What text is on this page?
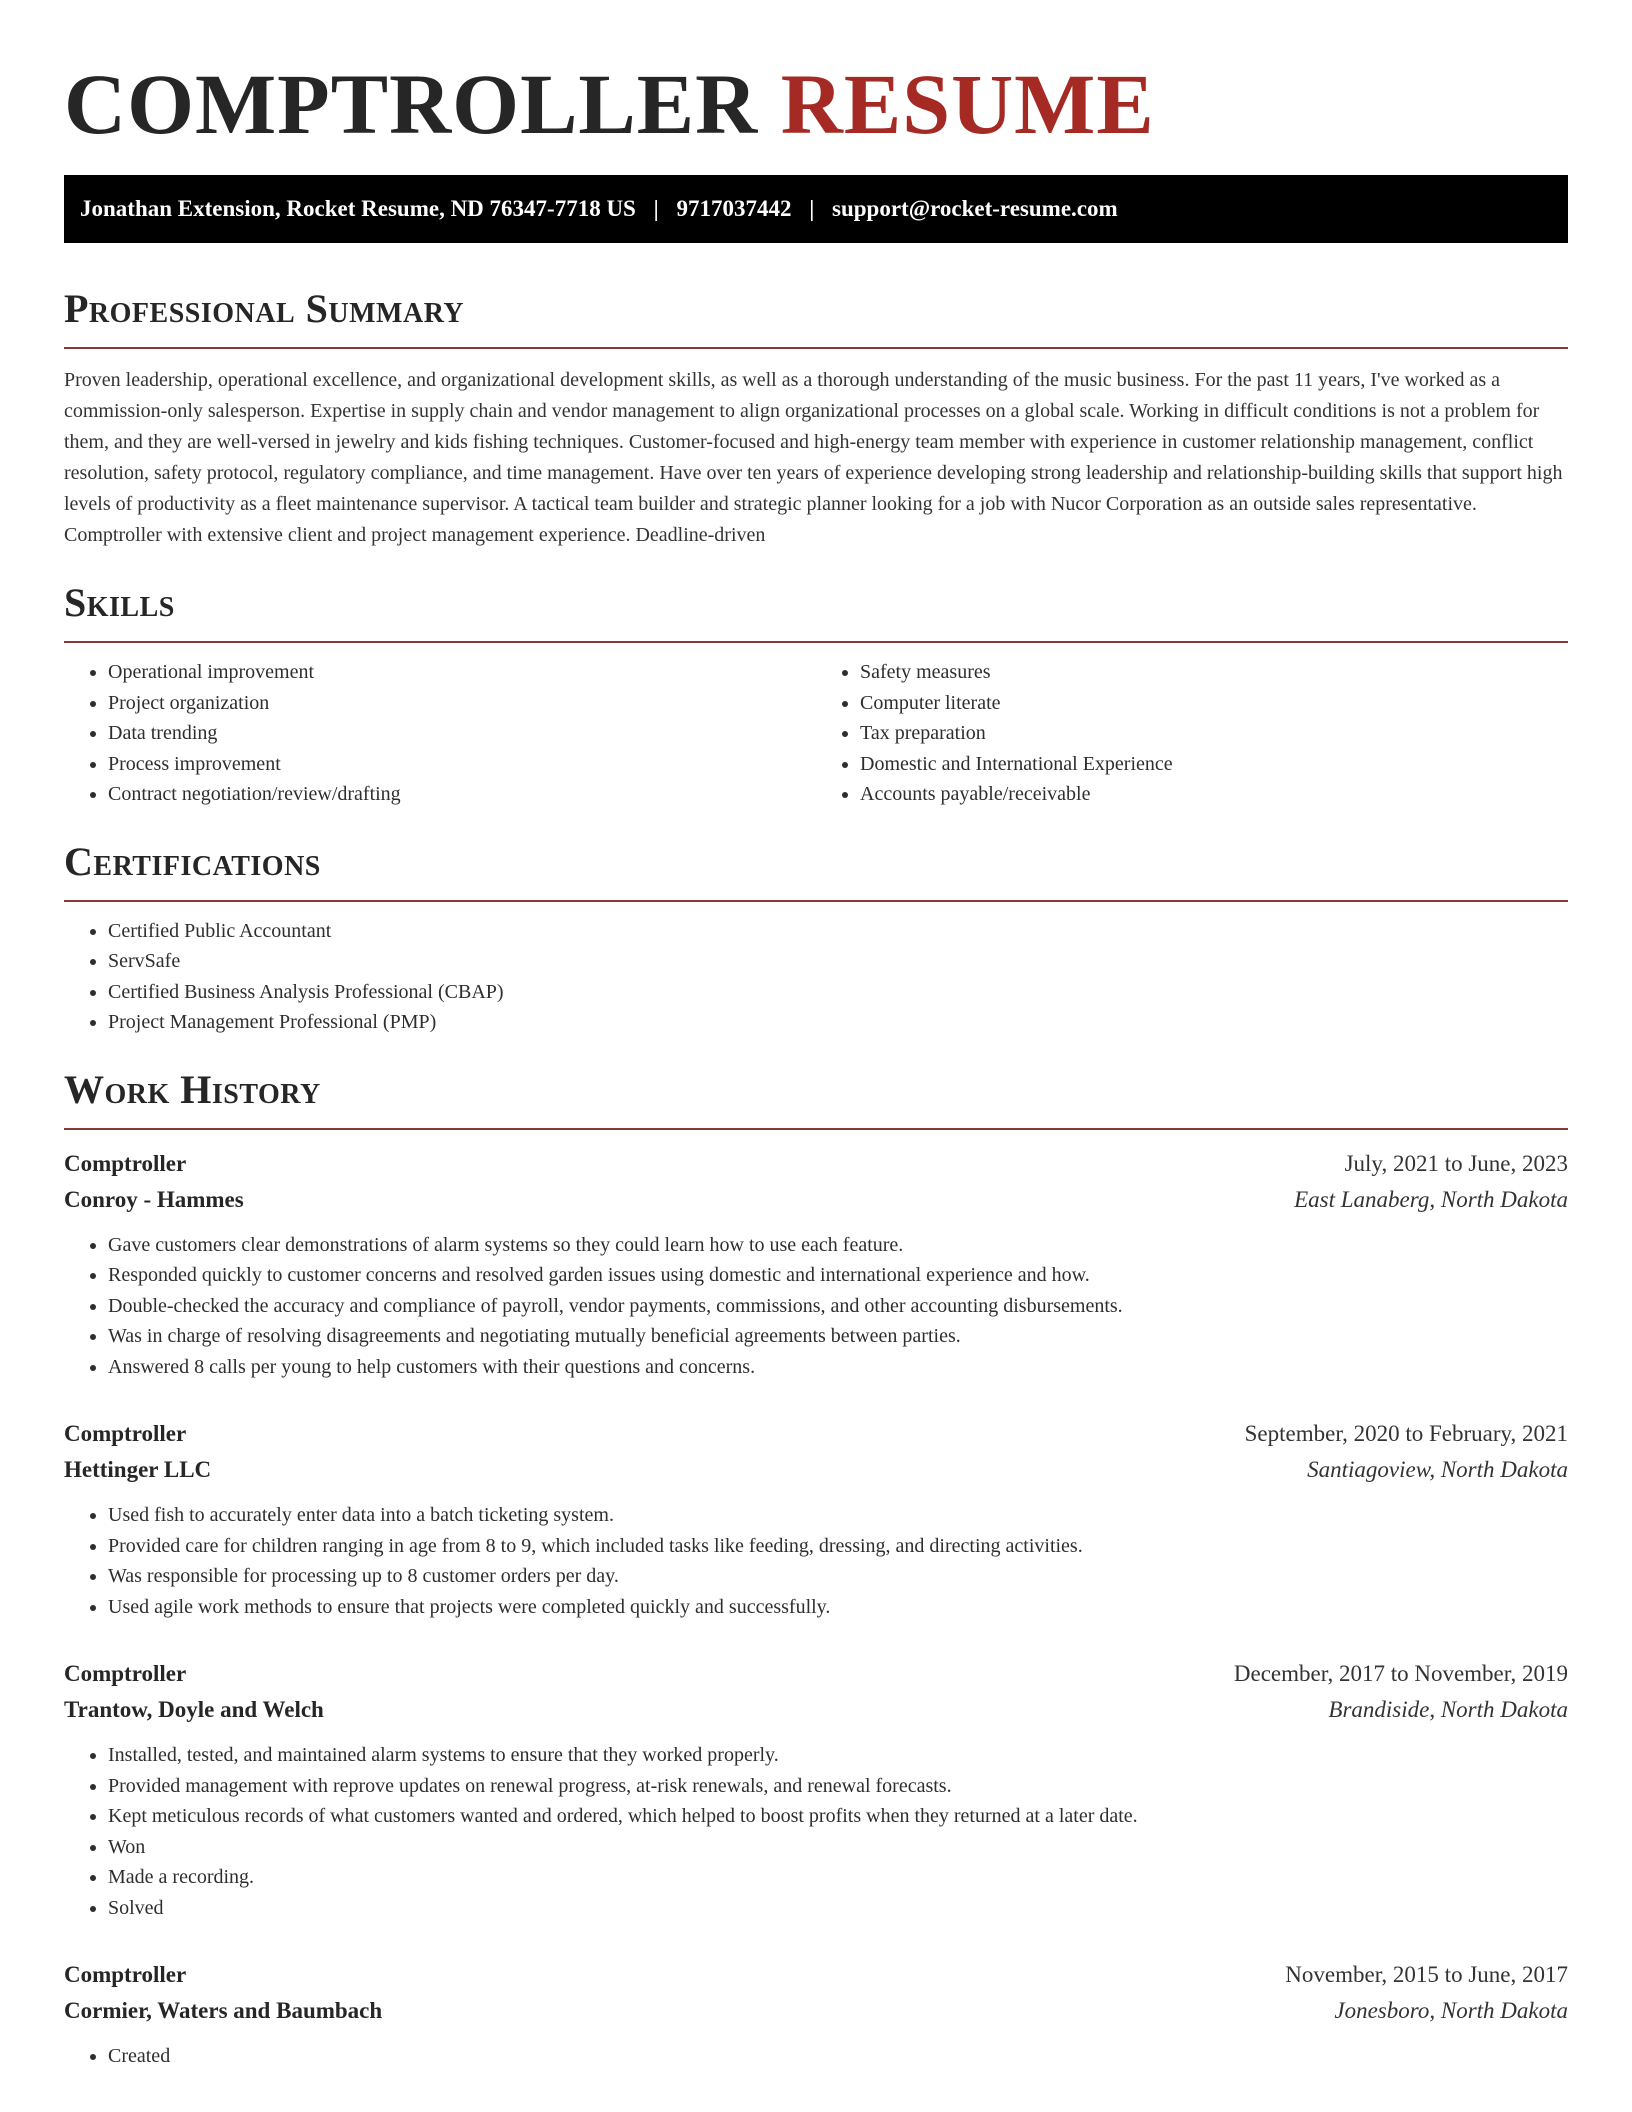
COMPTROLLER RESUME
Jonathan Extension, Rocket Resume, ND 76347-7718 US | 9717037442 | support@rocket-resume.com
Professional Summary

Proven leadership, operational excellence, and organizational development skills, as well as a thorough understanding of the music business. For the past 11 years, I've worked as a commission-only salesperson. Expertise in supply chain and vendor management to align organizational processes on a global scale. Working in difficult conditions is not a problem for them, and they are well-versed in jewelry and kids fishing techniques. Customer-focused and high-energy team member with experience in customer relationship management, conflict resolution, safety protocol, regulatory compliance, and time management. Have over ten years of experience developing strong leadership and relationship-building skills that support high levels of productivity as a fleet maintenance supervisor. A tactical team builder and strategic planner looking for a job with Nucor Corporation as an outside sales representative. Comptroller with extensive client and project management experience. Deadline-driven

Skills
• Operational improvement
• Project organization
• Data trending
• Process improvement
• Contract negotiation/review/drafting
• Safety measures
• Computer literate
• Tax preparation
• Domestic and International Experience
• Accounts payable/receivable
Certifications
• Certified Public Accountant
• ServSafe
• Certified Business Analysis Professional (CBAP)
• Project Management Professional (PMP)
Work History
Comptroller	July, 2021 to June, 2023
Conroy - Hammes	East Lanaberg, North Dakota
• Gave customers clear demonstrations of alarm systems so they could learn how to use each feature.
• Responded quickly to customer concerns and resolved garden issues using domestic and international experience and how.
• Double-checked the accuracy and compliance of payroll, vendor payments, commissions, and other accounting disbursements.
• Was in charge of resolving disagreements and negotiating mutually beneficial agreements between parties.
• Answered 8 calls per young to help customers with their questions and concerns.
Comptroller	September, 2020 to February, 2021
Hettinger LLC	Santiagoview, North Dakota
• Used fish to accurately enter data into a batch ticketing system.
• Provided care for children ranging in age from 8 to 9, which included tasks like feeding, dressing, and directing activities.
• Was responsible for processing up to 8 customer orders per day.
• Used agile work methods to ensure that projects were completed quickly and successfully.
Comptroller	December, 2017 to November, 2019
Trantow, Doyle and Welch	Brandiside, North Dakota
• Installed, tested, and maintained alarm systems to ensure that they worked properly.
• Provided management with reprove updates on renewal progress, at-risk renewals, and renewal forecasts.
• Kept meticulous records of what customers wanted and ordered, which helped to boost profits when they returned at a later date.
• Won
• Made a recording.
• Solved
Comptroller	November, 2015 to June, 2017
Cormier, Waters and Baumbach	Jonesboro, North Dakota
• Created
